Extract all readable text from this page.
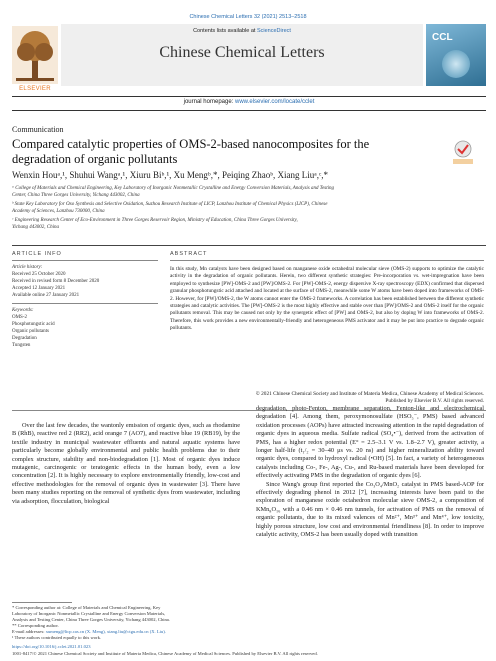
Chinese Chemical Letters 32 (2021) 2513–2518
ELSEVIER
Contents lists available at ScienceDirect
Chinese Chemical Letters
CCL
journal homepage: www.elsevier.com/locate/cclet
Communication
Compared catalytic properties of OMS-2-based nanocomposites for the
degradation of organic pollutants
Wenxin Houᵃ,¹, Shuhui Wangᵃ,¹, Xiuru Biᵇ,¹, Xu Mengᵇ,*, Peiqing Zhaoᵇ, Xiang Liuᵃ,ᶜ,*
ᵃ College of Materials and Chemical Engineering, Key Laboratory of Inorganic Nonmetallic Crystalline and Energy Conversion Materials, Analysis and Testing
Center, China Three Gorges University, Yichang 443002, China
ᵇ State Key Laboratory for Oxo Synthesis and Selective Oxidation, Suzhou Research Institute of LICP, Lanzhou Institute of Chemical Physics (LICP), Chinese
Academy of Sciences, Lanzhou 730000, China
ᶜ Engineering Research Center of Eco-Environment in Three Gorges Reservoir Region, Ministry of Education, China Three Gorges University,
Yichang 443002, China
ARTICLE INFO
Article history:
Received 25 October 2020
Received in revised form 8 December 2020
Accepted 12 January 2021
Available online 27 January 2021
Keywords:
OMS-2
Phosphotungstic acid
Organic pollutants
Degradation
Tungsten
ABSTRACT
In this study, Mn catalysts have been designed based on manganese oxide octahedral molecular sieve (OMS-2) supports to optimize the catalytic activity in the degradation of organic pollutants. Herein, two different synthetic strategies: Pre-incorporation vs. wet-impregnation have been employed to synthesize [PW]-OMS-2 and [PW]/OMS-2. For [PW]-OMS-2, energy dispersive X-ray spectroscopy (EDX) confirmed that dispersed granular phosphotungstic acid attached and located at the surface of OMS-2, meanwhile some W atoms have been doped into frameworks of OMS-2. However, for [PW]/OMS-2, the W atoms cannot enter the OMS-2 frameworks. A correlation has been established between the different synthetic strategies and catalytic activities. The [PW]-OMS-2 is the most highly effective and stable over than [PW]/OMS-2 and OMS-2 itself for the organic pollutants removal. This may be caused not only by the synergetic effect of [PW] and OMS-2, but also by doping W into frameworks of OMS-2. Therefore, this work provides a new environmentally-friendly and heterogeneous PMS activator and it may be put into practice to degrade organic pollutants.
© 2021 Chinese Chemical Society and Institute of Materia Medica, Chinese Academy of Medical Sciences.
Published by Elsevier B.V. All rights reserved.

Over the last few decades, the wantonly emission of organic dyes, such as rhodamine B (RhB), reactive red 2 (RR2), acid orange 7 (AO7), and reactive blue 19 (RB19), by the textile industry in municipal wastewater effluents and natural aquatic systems have particularly become globally environmental and public health problems due to their complex structure, stability and non-biodegradation [1]. Most of organic dyes induce mutagenic, carcinogenic or teratogenic effects in the human body, even a low concentration [2]. It is highly necessary to explore environmentally friendly, low-cost and effective methodologies for the removal of organic dyes in wastewater [3]. There have been many studies reporting on the removal of synthetic dyes from wastewater, including via adsorption, flocculation, biological

degradation, photo-Fenton, membrane separation, Fenton-like and electrochemical degradation [4]. Among them, peroxymonosulfate (HSO₅⁻, PMS) based advanced oxidation processes (AOPs) have attracted increasing attention in the rapid degradation of organic dyes in aqueous media. Sulfate radical (SO₄•⁻), derived from the activation of PMS, has a higher redox potential (E° = 2.5–3.1 V vs. 1.8–2.7 V), greater activity, a longer half-life (t₁/₂ = 30–40 μs vs. 20 ns) and higher mineralization ability toward organic dyes, compared to hydroxyl radical (•OH) [5]. In fact, a variety of heterogeneous catalysts including Co-, Fe-, Ag-, Cu-, and Ru-based materials have been developed for effectively activating PMS in the degradation of organic dyes [6].

Since Wang's group first reported the Co₃O₄/MnO₂ catalyst in PMS based-AOP for effectively degrading phenol in 2012 [7], increasing interests have been paid to the exploration of manganese oxide octahedron molecular sieve OMS-2, a composition of KMn₈O₁₆ with a 0.46 nm × 0.46 nm tunnels, for activation of PMS on the removal of organic pollutants, due to its mixed valences of Mn²⁺, Mn³⁺ and Mn⁴⁺, low toxicity, highly porous structure, low cost and environmental friendliness [8]. In order to improve catalytic activity, OMS-2 has been usually doped with transition

* Corresponding author at: College of Materials and Chemical Engineering, Key
Laboratory of Inorganic Nonmetallic Crystalline and Energy Conversion Materials,
Analysis and Testing Center, China Three Gorges University, Yichang 443002, China.
** Corresponding author.
E-mail addresses: xumeng@licp.cas.cn (X. Meng), xiang.liu@ctgu.edu.cn (X. Liu).
¹ These authors contributed equally to this work.
https://doi.org/10.1016/j.cclet.2021.01.023
1001-8417/© 2021 Chinese Chemical Society and Institute of Materia Medica, Chinese Academy of Medical Sciences. Published by Elsevier B.V. All rights reserved.
